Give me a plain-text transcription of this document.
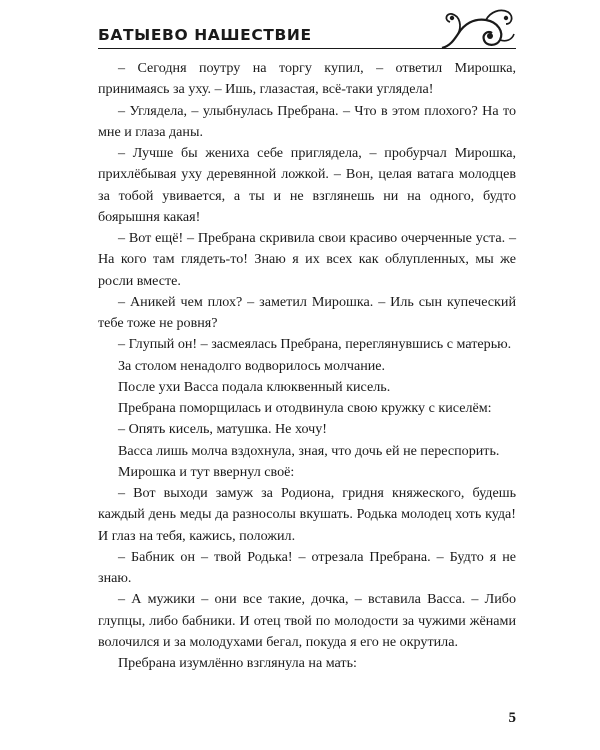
БАТЫЕВО НАШЕСТВИЕ

– Сегодня поутру на торгу купил, – ответил Мирошка, принимаясь за уху. – Ишь, глазастая, всё-таки углядела!

– Углядела, – улыбнулась Пребрана. – Что в этом плохого? На то мне и глаза даны.

– Лучше бы жениха себе приглядела, – пробурчал Мирошка, прихлёбывая уху деревянной ложкой. – Вон, целая ватага молодцев за тобой увивается, а ты и не взглянешь ни на одного, будто боярышня какая!

– Вот ещё! – Пребрана скривила свои красиво очерченные уста. – На кого там глядеть-то! Знаю я их всех как облупленных, мы же росли вместе.

– Аникей чем плох? – заметил Мирошка. – Иль сын купеческий тебе тоже не ровня?

– Глупый он! – засмеялась Пребрана, переглянувшись с матерью.

За столом ненадолго водворилось молчание.

После ухи Васса подала клюквенный кисель.

Пребрана поморщилась и отодвинула свою кружку с киселём:

– Опять кисель, матушка. Не хочу!

Васса лишь молча вздохнула, зная, что дочь ей не переспорить.

Мирошка и тут ввернул своё:

– Вот выходи замуж за Родиона, гридня княжеского, будешь каждый день меды да разносолы вкушать. Родька молодец хоть куда! И глаз на тебя, кажись, положил.

– Бабник он – твой Родька! – отрезала Пребрана. – Будто я не знаю.

– А мужики – они все такие, дочка, – вставила Васса. – Либо глупцы, либо бабники. И отец твой по молодости за чужими жёнами волочился и за молодухами бегал, покуда я его не окрутила.

Пребрана изумлённо взглянула на мать:

5
